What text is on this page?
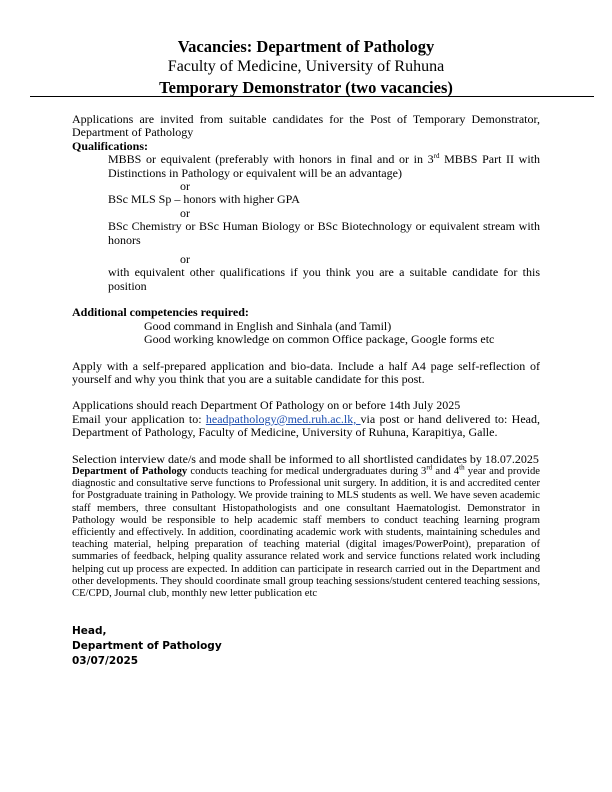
Vacancies: Department of Pathology

Faculty of Medicine, University of Ruhuna

Temporary Demonstrator (two vacancies)

Applications are invited from suitable candidates for the Post of Temporary Demonstrator, Department of Pathology

Qualifications:

MBBS or equivalent (preferably with honors in final and or in 3rd MBBS Part II with Distinctions in Pathology or equivalent will be an advantage)

or

BSc MLS Sp – honors with higher GPA

or

BSc Chemistry or BSc Human Biology or BSc Biotechnology or equivalent stream with honors

or

with equivalent other qualifications if you think you are a suitable candidate for this position

Additional competencies required:

Good command in English and Sinhala (and Tamil)

Good working knowledge on common Office package, Google forms etc

Apply with a self-prepared application and bio-data. Include a half A4 page self-reflection of yourself and why you think that you are a suitable candidate for this post.

Applications should reach Department Of Pathology on or before 14th July 2025

Email your application to: headpathology@med.ruh.ac.lk, via post or hand delivered to: Head, Department of Pathology, Faculty of Medicine, University of Ruhuna, Karapitiya, Galle.

Selection interview date/s and mode shall be informed to all shortlisted candidates by 18.07.2025

Department of Pathology conducts teaching for medical undergraduates during 3rd and 4th year and provide diagnostic and consultative serve functions to Professional unit surgery. In addition, it is and accredited center for Postgraduate training in Pathology. We provide training to MLS students as well. We have seven academic staff members, three consultant Histopathologists and one consultant Haematologist. Demonstrator in Pathology would be responsible to help academic staff members to conduct teaching learning program efficiently and effectively. In addition, coordinating academic work with students, maintaining schedules and teaching material, helping preparation of teaching material (digital images/PowerPoint), preparation of summaries of feedback, helping quality assurance related work and service functions related work including helping cut up process are expected. In addition can participate in research carried out in the Department and other developments. They should coordinate small group teaching sessions/student centered teaching sessions, CE/CPD, Journal club, monthly new letter publication etc

Head,
Department of Pathology
03/07/2025
